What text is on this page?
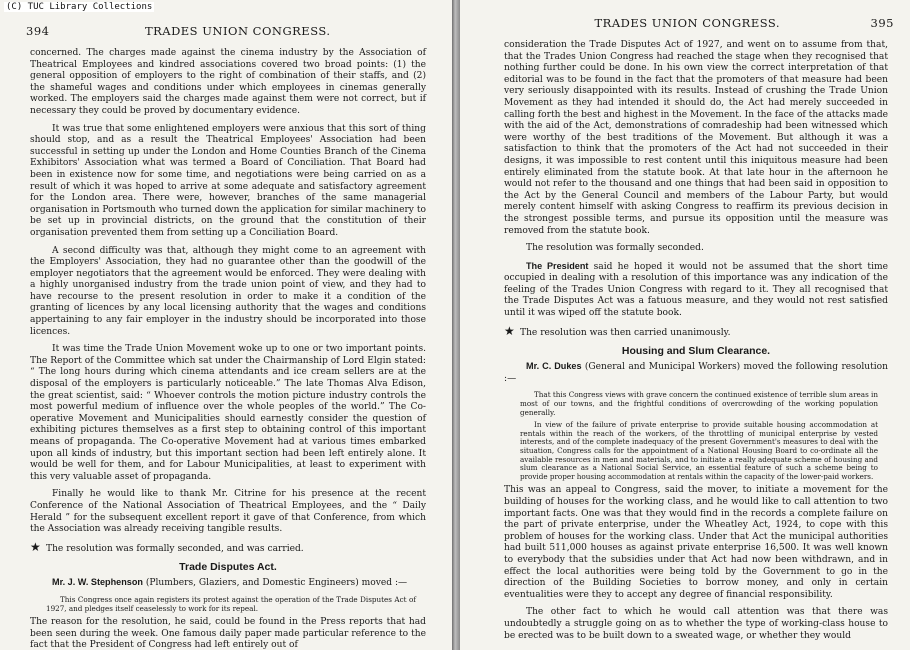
(C) TUC Library Collections
394	TRADES UNION CONGRESS.

concerned. The charges made against the cinema industry by the Association of Theatrical Employees and kindred associations covered two broad points: (1) the general opposition of employers to the right of combination of their staffs, and (2) the shameful wages and conditions under which employees in cinemas generally worked. The employers said the charges made against them were not correct, but if necessary they could be proved by documentary evidence.

It was true that some enlightened employers were anxious that this sort of thing should stop, and as a result the Theatrical Employees' Association had been successful in setting up under the London and Home Counties Branch of the Cinema Exhibitors' Association what was termed a Board of Conciliation. That Board had been in existence now for some time, and negotiations were being carried on as a result of which it was hoped to arrive at some adequate and satisfactory agreement for the London area. There were, however, branches of the same managerial organisation in Portsmouth who turned down the application for similar machinery to be set up in provincial districts, on the ground that the constitution of their organisation prevented them from setting up a Conciliation Board.

A second difficulty was that, although they might come to an agreement with the Employers' Association, they had no guarantee other than the goodwill of the employer negotiators that the agreement would be enforced. They were dealing with a highly unorganised industry from the trade union point of view, and they had to have recourse to the present resolution in order to make it a condition of the granting of licences by any local licensing authority that the wages and conditions appertaining to any fair employer in the industry should be incorporated into those licences.

It was time the Trade Union Movement woke up to one or two important points. The Report of the Committee which sat under the Chairmanship of Lord Elgin stated: “ The long hours during which cinema attendants and ice cream sellers are at the disposal of the employers is particularly noticeable.” The late Thomas Alva Edison, the great scientist, said: “ Whoever controls the motion picture industry controls the most powerful medium of influence over the whole peoples of the world.” The Co-operative Movement and Municipalities should earnestly consider the question of exhibiting pictures themselves as a first step to obtaining control of this important means of propaganda. The Co-operative Movement had at various times embarked upon all kinds of industry, but this important section had been left entirely alone. It would be well for them, and for Labour Municipalities, at least to experiment with this very valuable asset of propaganda.

Finally he would like to thank Mr. Citrine for his presence at the recent Conference of the National Association of Theatrical Employees, and the “ Daily Herald ” for the subsequent excellent report it gave of that Conference, from which the Association was already receiving tangible results.

★ The resolution was formally seconded, and was carried.

Trade Disputes Act.

Mr. J. W. Stephenson (Plumbers, Glaziers, and Domestic Engineers) moved :—

This Congress once again registers its protest against the operation of the Trade Disputes Act of 1927, and pledges itself ceaselessly to work for its repeal.

The reason for the resolution, he said, could be found in the Press reports that had been seen during the week. One famous daily paper made particular reference to the fact that the President of Congress had left entirely out of

TRADES UNION CONGRESS.	395

consideration the Trade Disputes Act of 1927, and went on to assume from that, that the Trades Union Congress had reached the stage when they recognised that nothing further could be done. In his own view the correct interpretation of that editorial was to be found in the fact that the promoters of that measure had been very seriously disappointed with its results. Instead of crushing the Trade Union Movement as they had intended it should do, the Act had merely succeeded in calling forth the best and highest in the Movement. In the face of the attacks made with the aid of the Act, demonstrations of comradeship had been witnessed which were worthy of the best traditions of the Movement. But although it was a satisfaction to think that the promoters of the Act had not succeeded in their designs, it was impossible to rest content until this iniquitous measure had been entirely eliminated from the statute book. At that late hour in the afternoon he would not refer to the thousand and one things that had been said in opposition to the Act by the General Council and members of the Labour Party, but would merely content himself with asking Congress to reaffirm its previous decision in the strongest possible terms, and pursue its opposition until the measure was removed from the statute book.

The resolution was formally seconded.

The President said he hoped it would not be assumed that the short time occupied in dealing with a resolution of this importance was any indication of the feeling of the Trades Union Congress with regard to it. They all recognised that the Trade Disputes Act was a fatuous measure, and they would not rest satisfied until it was wiped off the statute book.

★ The resolution was then carried unanimously.

Housing and Slum Clearance.

Mr. C. Dukes (General and Municipal Workers) moved the following resolution :—

That this Congress views with grave concern the continued existence of terrible slum areas in most of our towns, and the frightful conditions of overcrowding of the working population generally.

In view of the failure of private enterprise to provide suitable housing accommodation at rentals within the reach of the workers, of the throttling of municipal enterprise by vested interests, and of the complete inadequacy of the present Government's measures to deal with the situation, Congress calls for the appointment of a National Housing Board to co-ordinate all the available resources in men and materials, and to initiate a really adequate scheme of housing and slum clearance as a National Social Service, an essential feature of such a scheme being to provide proper housing accommodation at rentals within the capacity of the lower-paid workers.

This was an appeal to Congress, said the mover, to initiate a movement for the building of houses for the working class, and he would like to call attention to two important facts. One was that they would find in the records a complete failure on the part of private enterprise, under the Wheatley Act, 1924, to cope with this problem of houses for the working class. Under that Act the municipal authorities had built 511,000 houses as against private enterprise 16,500. It was well known to everybody that the subsidies under that Act had now been withdrawn, and in effect the local authorities were being told by the Government to go in the direction of the Building Societies to borrow money, and only in certain eventualities were they to accept any degree of financial responsibility.

The other fact to which he would call attention was that there was undoubtedly a struggle going on as to whether the type of working-class house to be erected was to be built down to a sweated wage, or whether they would
